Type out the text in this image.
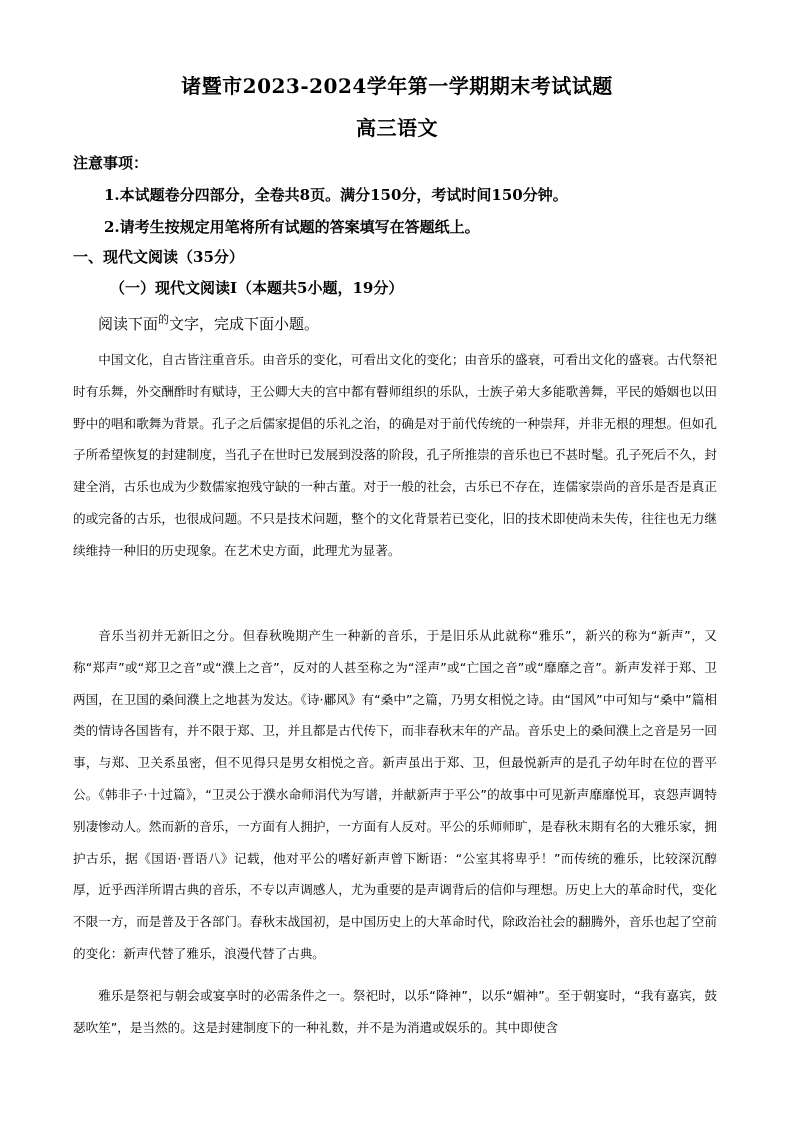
诸暨市2023-2024学年第一学期期末考试试题
高三语文
注意事项：
1.本试题卷分四部分，全卷共8页。满分150分，考试时间150分钟。
2.请考生按规定用笔将所有试题的答案填写在答题纸上。
一、现代文阅读（35分）
（一）现代文阅读Ⅰ（本题共5小题，19分）
阅读下面$^的$文字，完成下面小题。

中国文化，自古皆注重音乐。由音乐的变化，可看出文化的变化；由音乐的盛衰，可看出文化的盛衰。古代祭祀时有乐舞，外交酬酢时有赋诗，王公卿大夫的宫中都有瞽师组织的乐队，士族子弟大多能歌善舞，平民的婚姻也以田野中的唱和歌舞为背景。孔子之后儒家提倡的乐礼之治，的确是对于前代传统的一种崇拜，并非无根的理想。但如孔子所希望恢复的封建制度，当孔子在世时已发展到没落的阶段，孔子所推崇的音乐也已不甚时髦。孔子死后不久，封建全消，古乐也成为少数儒家抱残守缺的一种古董。对于一般的社会，古乐已不存在，连儒家崇尚的音乐是否是真正的或完备的古乐，也很成问题。不只是技术问题，整个的文化背景若已变化，旧的技术即使尚未失传，往往也无力继续维持一种旧的历史现象。在艺术史方面，此理尤为显著。

音乐当初并无新旧之分。但春秋晚期产生一种新的音乐，于是旧乐从此就称“雅乐”，新兴的称为“新声”，又称“郑声”或“郑卫之音”或“濮上之音”，反对的人甚至称之为“淫声”或“亡国之音”或“靡靡之音”。新声发祥于郑、卫两国，在卫国的桑间濮上之地甚为发达。《诗·鄘风》有“桑中”之篇，乃男女相悦之诗。由“国风”中可知与“桑中”篇相类的情诗各国皆有，并不限于郑、卫，并且都是古代传下，而非春秋末年的产品。音乐史上的桑间濮上之音是另一回事，与郑、卫关系虽密，但不见得只是男女相悦之音。新声虽出于郑、卫，但最悦新声的是孔子幼年时在位的晋平公。《韩非子·十过篇》，“卫灵公于濮水命师涓代为写谱，并献新声于平公”的故事中可见新声靡靡悦耳，哀怨声调特别凄惨动人。然而新的音乐，一方面有人拥护，一方面有人反对。平公的乐师师旷，是春秋末期有名的大雅乐家，拥护古乐，据《国语·晋语八》记载，他对平公的嗜好新声曾下断语：“公室其将卑乎！”而传统的雅乐，比较深沉醇厚，近乎西洋所谓古典的音乐，不专以声调感人，尤为重要的是声调背后的信仰与理想。历史上大的革命时代，变化不限一方，而是普及于各部门。春秋末战国初，是中国历史上的大革命时代，除政治社会的翻腾外，音乐也起了空前的变化：新声代替了雅乐，浪漫代替了古典。

雅乐是祭祀与朝会或宴享时的必需条件之一。祭祀时，以乐“降神”，以乐“媚神”。至于朝宴时，“我有嘉宾，鼓瑟吹笙”，是当然的。这是封建制度下的一种礼数，并不是为消遣或娱乐的。其中即使含
